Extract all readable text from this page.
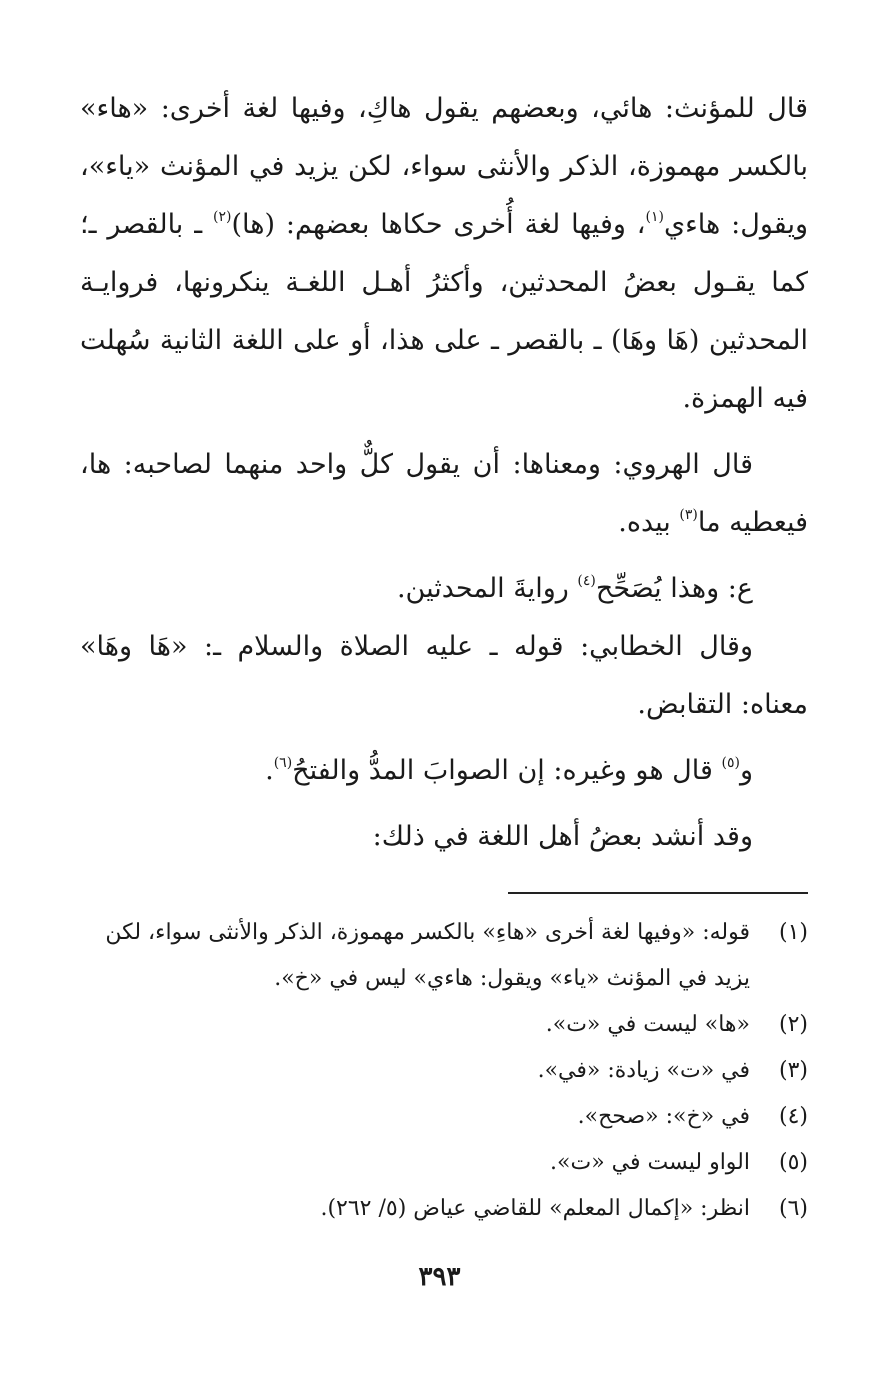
قال للمؤنث: هائي، وبعضهم يقول هاكِ، وفيها لغة أخرى: «هاء» بالكسر مهموزة، الذكر والأنثى سواء، لكن يزيد في المؤنث «ياء»، ويقول: هاءي$^{(١)}$، وفيها لغة أُخرى حكاها بعضهم: (ها)$^{(٢)}$ ـ بالقصر ـ؛ كما يقـول بعضُ المحدثين، وأكثرُ أهـل اللغـة ينكرونها، فروايـة المحدثين (هَا وهَا) ـ بالقصر ـ على هذا، أو على اللغة الثانية سُهلت فيه الهمزة.

قال الهروي: ومعناها: أن يقول كلٌّ واحد منهما لصاحبه: ها، فيعطيه ما$^{(٣)}$ بيده.

ع: وهذا يُصَحِّح$^{(٤)}$ روايةَ المحدثين.

وقال الخطابي: قوله ـ عليه الصلاة والسلام ـ: «هَا وهَا» معناه: التقابض.

و$^{(٥)}$ قال هو وغيره: إن الصوابَ المدُّ والفتحُ$^{(٦)}$.

وقد أنشد بعضُ أهل اللغة في ذلك:

(١)
قوله: «وفيها لغة أخرى «هاءِ» بالكسر مهموزة، الذكر والأنثى سواء، لكن يزيد في المؤنث «ياء» ويقول: هاءي» ليس في «خ».
(٢)
«ها» ليست في «ت».
(٣)
في «ت» زيادة: «في».
(٤)
في «خ»: «صحح».
(٥)
الواو ليست في «ت».
(٦)
انظر: «إكمال المعلم» للقاضي عياض (٥/ ٢٦٢).
٣٩٣
